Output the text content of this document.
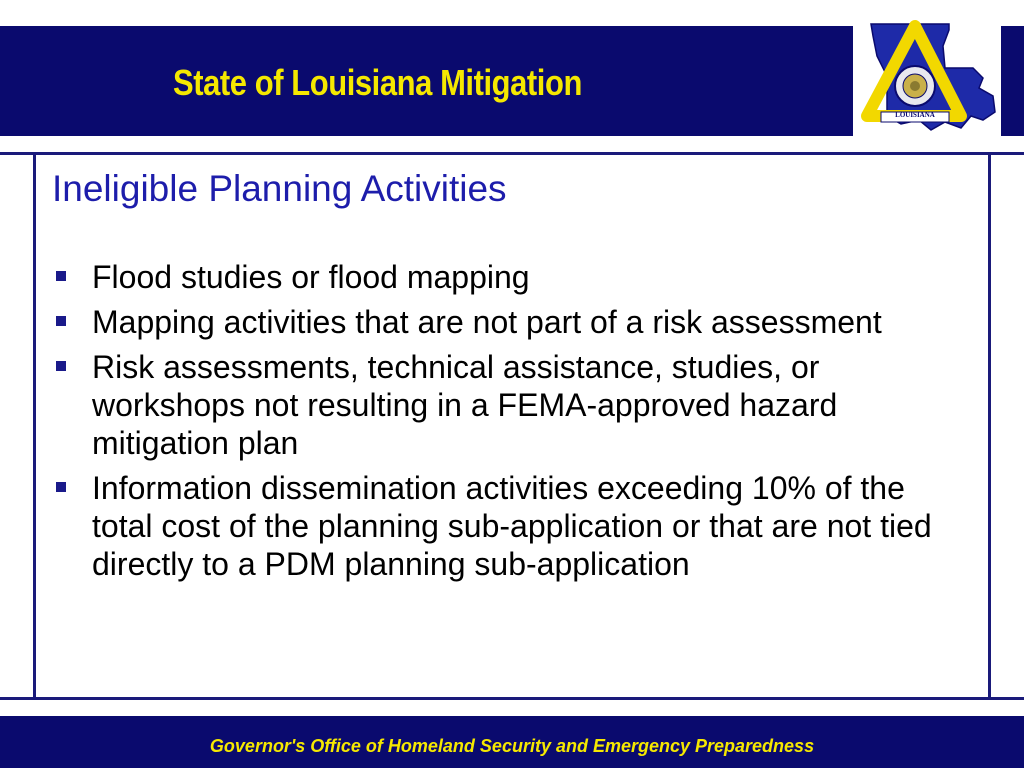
State of Louisiana Mitigation
LOUISIANA
Ineligible Planning Activities
Flood studies or flood mapping
Mapping activities that are not part of a risk assessment
Risk assessments, technical assistance, studies, or workshops not resulting in a FEMA-approved hazard mitigation plan
Information dissemination activities exceeding 10% of the total cost of the planning sub-application or that are not tied directly to a PDM planning sub-application
Governor's Office of Homeland Security and Emergency Preparedness
